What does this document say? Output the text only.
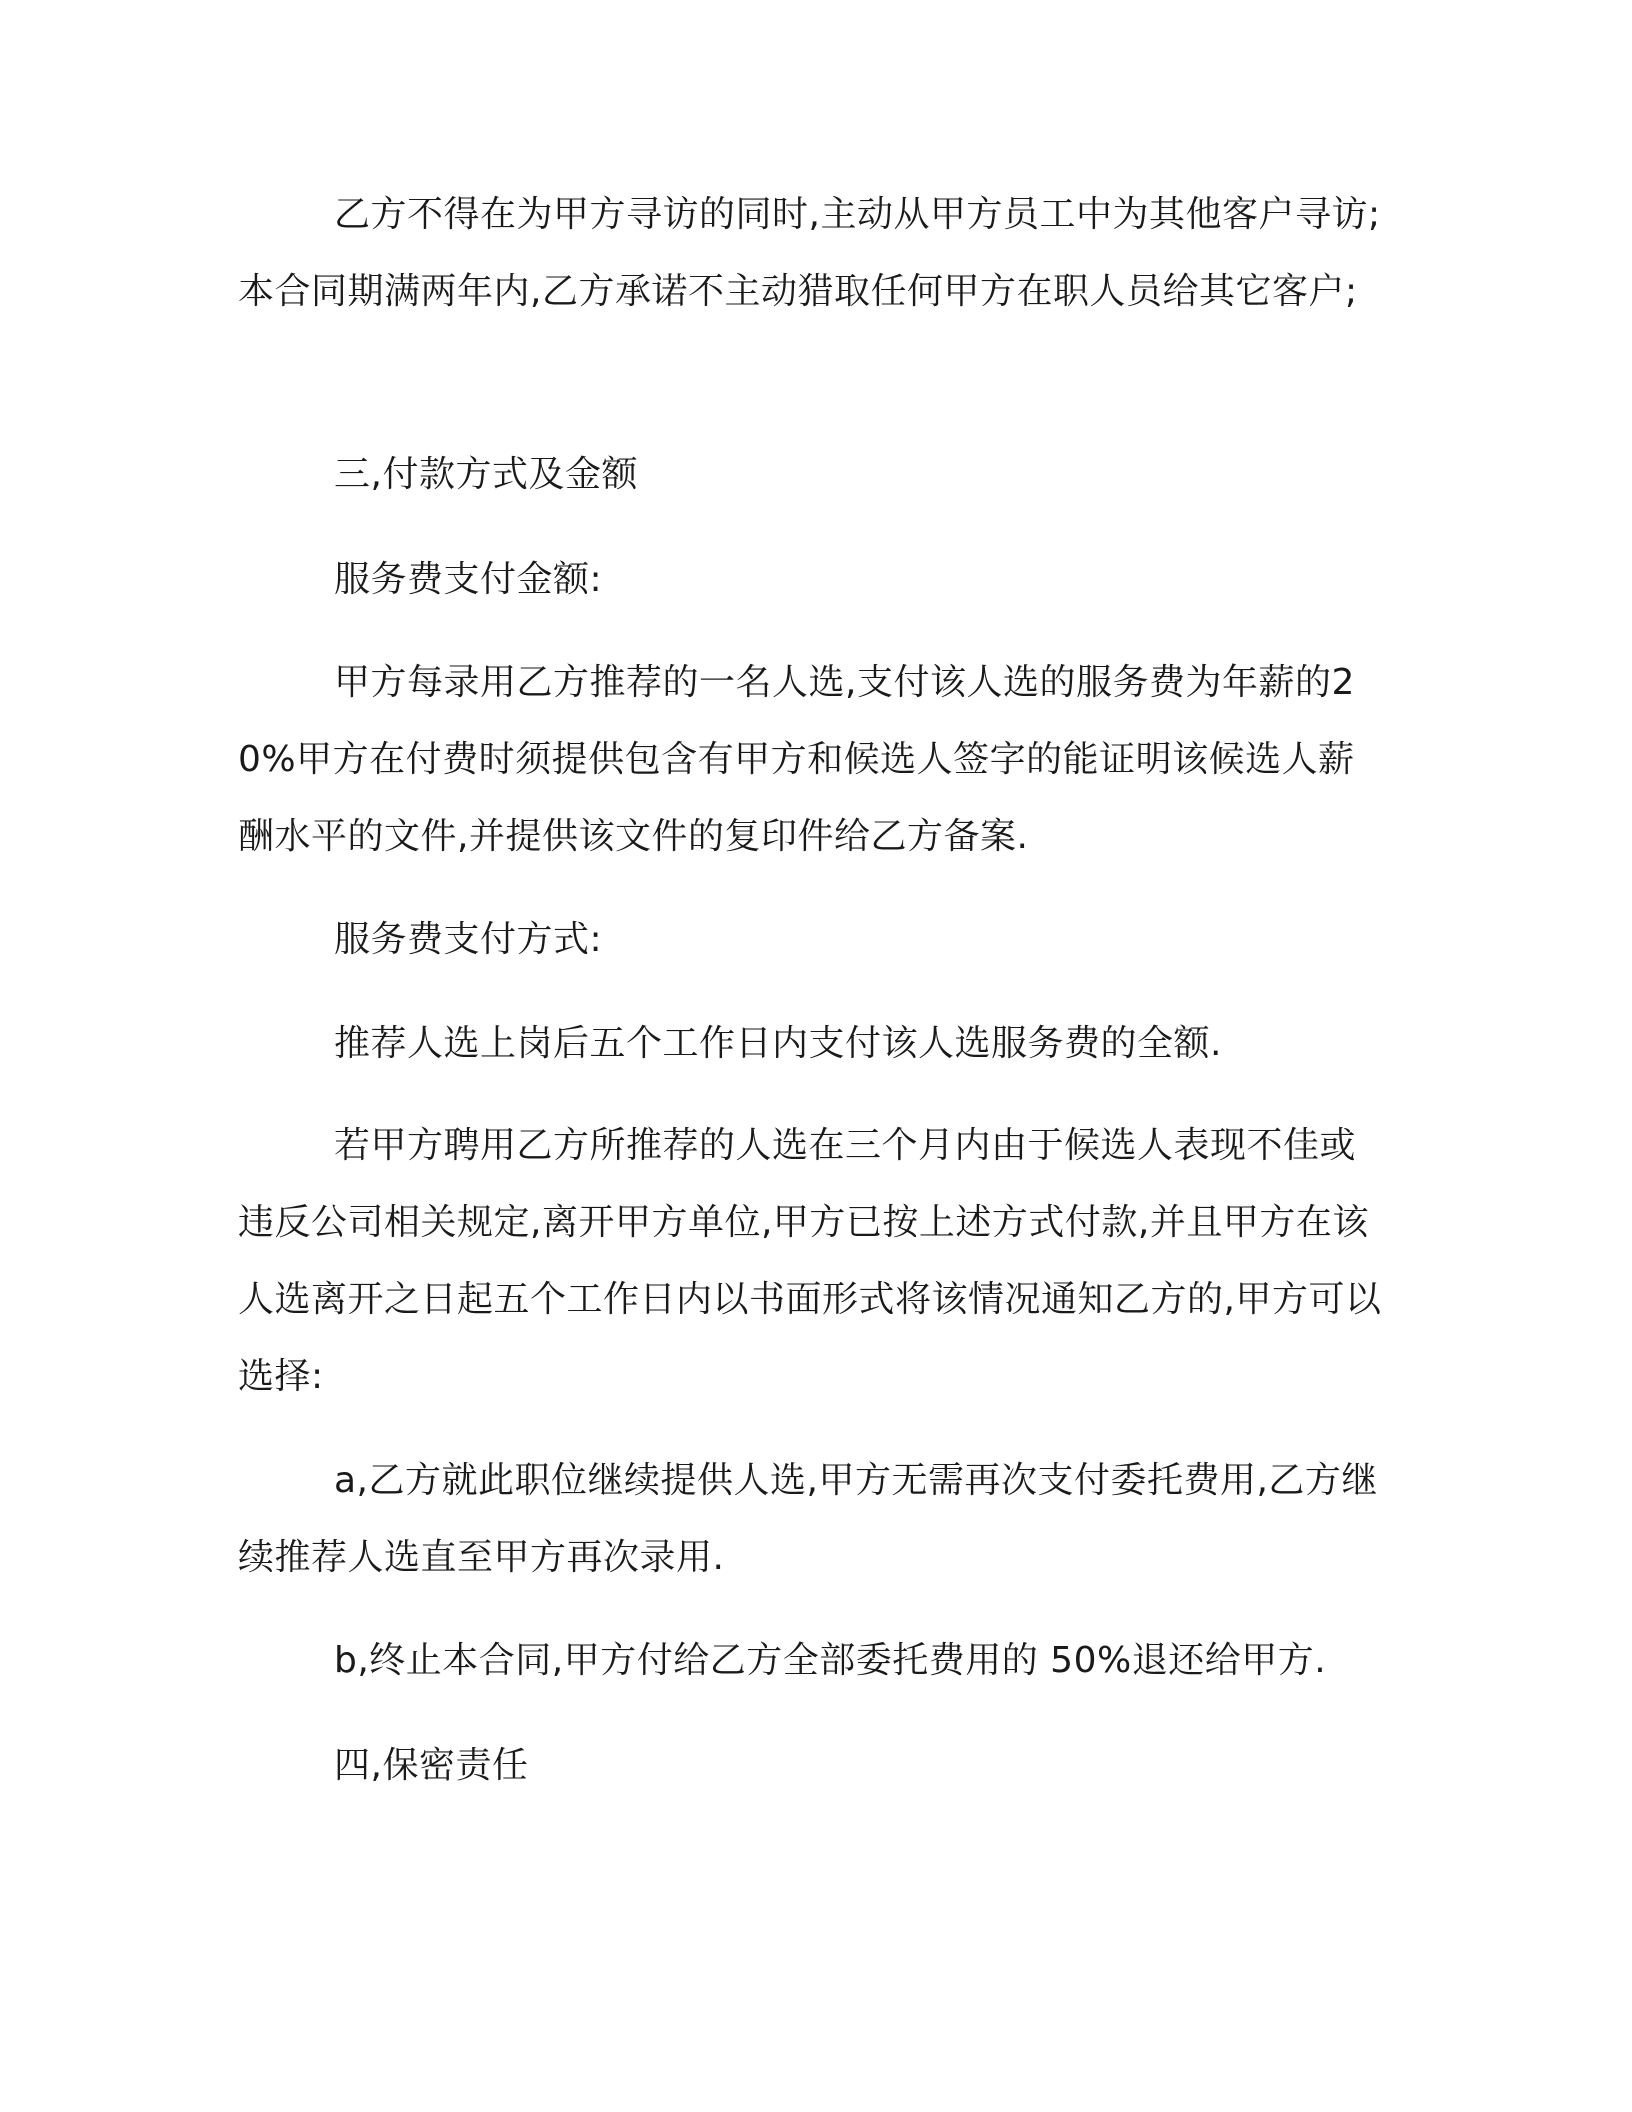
乙方不得在为甲方寻访的同时,主动从甲方员工中为其他客户寻访;本合同期满两年内,乙方承诺不主动猎取任何甲方在职人员给其它客户;

三,付款方式及金额

服务费支付金额:

甲方每录用乙方推荐的一名人选,支付该人选的服务费为年薪的20%甲方在付费时须提供包含有甲方和候选人签字的能证明该候选人薪酬水平的文件,并提供该文件的复印件给乙方备案.

服务费支付方式:

推荐人选上岗后五个工作日内支付该人选服务费的全额.

若甲方聘用乙方所推荐的人选在三个月内由于候选人表现不佳或违反公司相关规定,离开甲方单位,甲方已按上述方式付款,并且甲方在该人选离开之日起五个工作日内以书面形式将该情况通知乙方的,甲方可以选择:

a,乙方就此职位继续提供人选,甲方无需再次支付委托费用,乙方继续推荐人选直至甲方再次录用.

b,终止本合同,甲方付给乙方全部委托费用的 50%退还给甲方.

四,保密责任
